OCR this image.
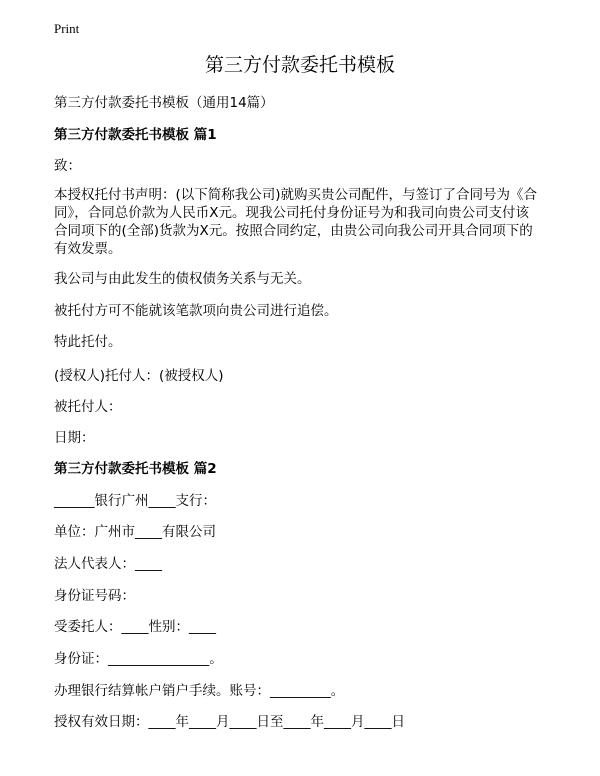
Print
第三方付款委托书模板
第三方付款委托书模板（通用14篇）
第三方付款委托书模板 篇1
致：
本授权托付书声明：(以下简称我公司)就购买贵公司配件，与签订了合同号为《合
同》，合同总价款为人民币X元。现我公司托付身份证号为和我司向贵公司支付该
合同项下的(全部)货款为X元。按照合同约定，由贵公司向我公司开具合同项下的
有效发票。
我公司与由此发生的债权债务关系与无关。
被托付方可不能就该笔款项向贵公司进行追偿。
特此托付。
(授权人)托付人：(被授权人)
被托付人：
日期：
第三方付款委托书模板 篇2
______银行广州____支行：
单位：广州市____有限公司
法人代表人：____
身份证号码：
受委托人：____性别：____
身份证：_______________。
办理银行结算帐户销户手续。账号：_________。
授权有效日期：____年____月____日至____年____月____日
